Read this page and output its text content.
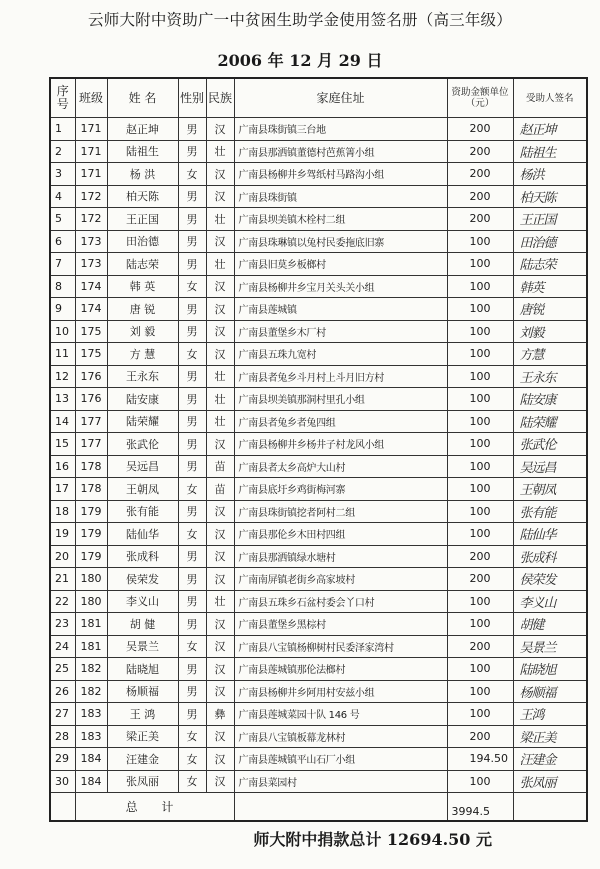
云师大附中资助广一中贫困生助学金使用签名册（高三年级）
2006 年 12 月 29 日
序号	班级	姓 名	性别	民族	家庭住址	资助金额单位（元）	受助人签名
1	171	赵正坤	男	汉	广南县珠街镇三台地	200	赵正坤
2	171	陆祖生	男	壮	广南县那洒镇董德村芭蕉箐小组	200	陆祖生
3	171	杨 洪	女	汉	广南县杨柳井乡驾纸村马路沟小组	200	杨洪
4	172	柏天陈	男	汉	广南县珠街镇	200	柏天陈
5	172	王正国	男	壮	广南县坝美镇木栓村二组	200	王正国
6	173	田治德	男	汉	广南县珠琳镇以兔村民委拖底旧寨	100	田治德
7	173	陆志荣	男	壮	广南县旧莫乡板榔村	100	陆志荣
8	174	韩 英	女	汉	广南县杨柳井乡宝月关头关小组	100	韩英
9	174	唐 锐	男	汉	广南县莲城镇	100	唐锐
10	175	刘 毅	男	汉	广南县董堡乡木厂村	100	刘毅
11	175	方 慧	女	汉	广南县五珠九宽村	100	方慧
12	176	王永东	男	壮	广南县者兔乡斗月村上斗月旧方村	100	王永东
13	176	陆安康	男	壮	广南县坝美镇那洞村里孔小组	100	陆安康
14	177	陆荣耀	男	壮	广南县者兔乡者兔四组	100	陆荣耀
15	177	张武伦	男	汉	广南县杨柳井乡杨井子村龙风小组	100	张武伦
16	178	吴远昌	男	苗	广南县者太乡高炉大山村	100	吴远昌
17	178	王朝凤	女	苗	广南县底圩乡鸡街梅河寨	100	王朝凤
18	179	张有能	男	汉	广南县珠街镇挖者阿村二组	100	张有能
19	179	陆仙华	女	汉	广南县那伦乡木田村四组	100	陆仙华
20	179	张成科	男	汉	广南县那洒镇绿水塘村	200	张成科
21	180	侯荣发	男	汉	广南南屏镇老街乡高家坡村	200	侯荣发
22	180	李义山	男	壮	广南县五珠乡石盆村委会丫口村	100	李义山
23	181	胡 健	男	汉	广南县董堡乡黑棕村	100	胡健
24	181	吴景兰	女	汉	广南县八宝镇杨柳树村民委泽家湾村	200	吴景兰
25	182	陆晓旭	男	汉	广南县莲城镇那伦法榔村	100	陆晓旭
26	182	杨顺福	男	汉	广南县杨柳井乡阿用村安兹小组	100	杨顺福
27	183	王 鸿	男	彝	广南县莲城菜园十队 146 号	100	王鸿
28	183	梁正美	女	汉	广南县八宝镇板幕龙林村	200	梁正美
29	184	汪建金	女	汉	广南县莲城镇平山石厂小组	194.50	汪建金
30	184	张凤丽	女	汉	广南县菜园村	100	张凤丽
	总 计					3994.5	
师大附中捐款总计 12694.50 元
